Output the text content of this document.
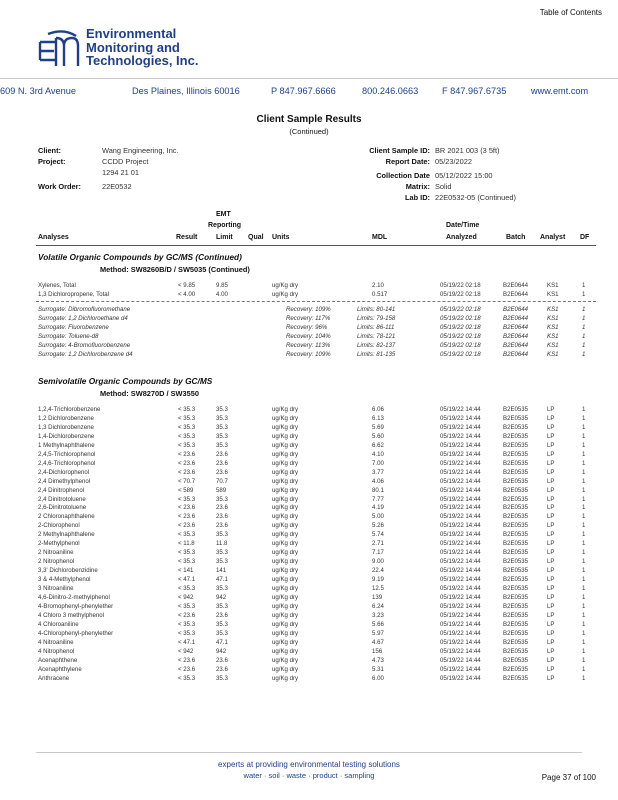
Table of Contents
Environmental
Monitoring and
Technologies, Inc.
609 N. 3rd Avenue	Des Plaines, Illinois 60016	P 847.967.6666	800.246.0663	F 847.967.6735	www.emt.com
Client Sample Results
(Continued)
Client:	Wang Engineering, Inc.
Project:	CCDD Project
1294 21 01
Work Order:	22E0532
Client Sample ID: BR 2021 003 (3 5ft)
Report Date: 05/23/2022
Collection Date 05/12/2022 15:00
Matrix: Solid
Lab ID: 22E0532-05 (Continued)
EMT
Reporting
Analyses	Result	Limit Qual Units	MDL
Date/Time
Analyzed	Batch Analyst DF
Volatile Organic Compounds by GC/MS (Continued)
Method: SW8260B/D / SW5035 (Continued)
Xylenes, Total	< 9.85	9.85	ug/Kg dry	2.10	05/19/22 02:18	B2E0644	KS1	1
1,3 Dichloropropene, Total	< 4.00	4.00	ug/Kg dry	0.517	05/19/22 02:18	B2E0644	KS1	1
Surrogate: Dibromofluoromethane	Recovery: 109%	Limits: 80-141	05/19/22 02:18	B2E0644	KS1	1
Surrogate: 1,2 Dichloroethane d4	Recovery: 117%	Limits: 79-158	05/19/22 02:18	B2E0644	KS1	1
Surrogate: Fluorobenzene	Recovery: 96%	Limits: 86-111	05/19/22 02:18	B2E0644	KS1	1
Surrogate: Toluene-d8	Recovery: 104%	Limits: 78-121	05/19/22 02:18	B2E0644	KS1	1
Surrogate: 4-Bromofluorobenzene	Recovery: 113%	Limits: 82-137	05/19/22 02:18	B2E0644	KS1	1
Surrogate: 1,2 Dichlorobenzene d4	Recovery: 109%	Limits: 81-135	05/19/22 02:18	B2E0644	KS1	1
Semivolatile Organic Compounds by GC/MS
Method: SW8270D / SW3550
1,2,4-Trichlorobenzene	< 35.3	35.3	ug/Kg dry	6.06	05/19/22 14:44	B2E0535	LP	1
1,2 Dichlorobenzene	< 35.3	35.3	ug/Kg dry	6.13	05/19/22 14:44	B2E0535	LP	1
1,3 Dichlorobenzene	< 35.3	35.3	ug/Kg dry	5.69	05/19/22 14:44	B2E0535	LP	1
1,4-Dichlorobenzene	< 35.3	35.3	ug/Kg dry	5.60	05/19/22 14:44	B2E0535	LP	1
1 Methylnaphthalene	< 35.3	35.3	ug/Kg dry	6.62	05/19/22 14:44	B2E0535	LP	1
2,4,5-Trichlorophenol	< 23.6	23.6	ug/Kg dry	4.10	05/19/22 14:44	B2E0535	LP	1
2,4,6-Trichlorophenol	< 23.6	23.6	ug/Kg dry	7.00	05/19/22 14:44	B2E0535	LP	1
2,4-Dichlorophenol	< 23.6	23.6	ug/Kg dry	3.77	05/19/22 14:44	B2E0535	LP	1
2,4 Dimethylphenol	< 70.7	70.7	ug/Kg dry	4.06	05/19/22 14:44	B2E0535	LP	1
2,4 Dinitrophenol	< 589	589	ug/Kg dry	80.1	05/19/22 14:44	B2E0535	LP	1
2,4 Dinitrotoluene	< 35.3	35.3	ug/Kg dry	7.77	05/19/22 14:44	B2E0535	LP	1
2,6-Dinitrotoluene	< 23.6	23.6	ug/Kg dry	4.19	05/19/22 14:44	B2E0535	LP	1
2 Chloronaphthalene	< 23.6	23.6	ug/Kg dry	5.00	05/19/22 14:44	B2E0535	LP	1
2-Chlorophenol	< 23.6	23.6	ug/Kg dry	5.26	05/19/22 14:44	B2E0535	LP	1
2 Methylnaphthalene	< 35.3	35.3	ug/Kg dry	5.74	05/19/22 14:44	B2E0535	LP	1
2-Methylphenol	< 11.8	11.8	ug/Kg dry	2.71	05/19/22 14:44	B2E0535	LP	1
2 Nitroaniline	< 35.3	35.3	ug/Kg dry	7.17	05/19/22 14:44	B2E0535	LP	1
2 Nitrophenol	< 35.3	35.3	ug/Kg dry	9.00	05/19/22 14:44	B2E0535	LP	1
3,3' Dichlorobenzidine	< 141	141	ug/Kg dry	22.4	05/19/22 14:44	B2E0535	LP	1
3 & 4-Methylphenol	< 47.1	47.1	ug/Kg dry	9.19	05/19/22 14:44	B2E0535	LP	1
3 Nitroaniline	< 35.3	35.3	ug/Kg dry	12.5	05/19/22 14:44	B2E0535	LP	1
4,6-Dinitro-2-methylphenol	< 942	942	ug/Kg dry	139	05/19/22 14:44	B2E0535	LP	1
4-Bromophenyl-phenylether	< 35.3	35.3	ug/Kg dry	6.24	05/19/22 14:44	B2E0535	LP	1
4 Chloro 3 methylphenol	< 23.6	23.6	ug/Kg dry	3.23	05/19/22 14:44	B2E0535	LP	1
4 Chloroaniline	< 35.3	35.3	ug/Kg dry	5.66	05/19/22 14:44	B2E0535	LP	1
4-Chlorophenyl-phenylether	< 35.3	35.3	ug/Kg dry	5.97	05/19/22 14:44	B2E0535	LP	1
4 Nitroaniline	< 47.1	47.1	ug/Kg dry	4.67	05/19/22 14:44	B2E0535	LP	1
4 Nitrophenol	< 942	942	ug/Kg dry	156	05/19/22 14:44	B2E0535	LP	1
Acenaphthene	< 23.6	23.6	ug/Kg dry	4.73	05/19/22 14:44	B2E0535	LP	1
Acenaphthylene	< 23.6	23.6	ug/Kg dry	5.31	05/19/22 14:44	B2E0535	LP	1
Anthracene	< 35.3	35.3	ug/Kg dry	6.00	05/19/22 14:44	B2E0535	LP	1
experts at providing environmental testing solutions
water · soil · waste · product · sampling	Page 37 of 100
